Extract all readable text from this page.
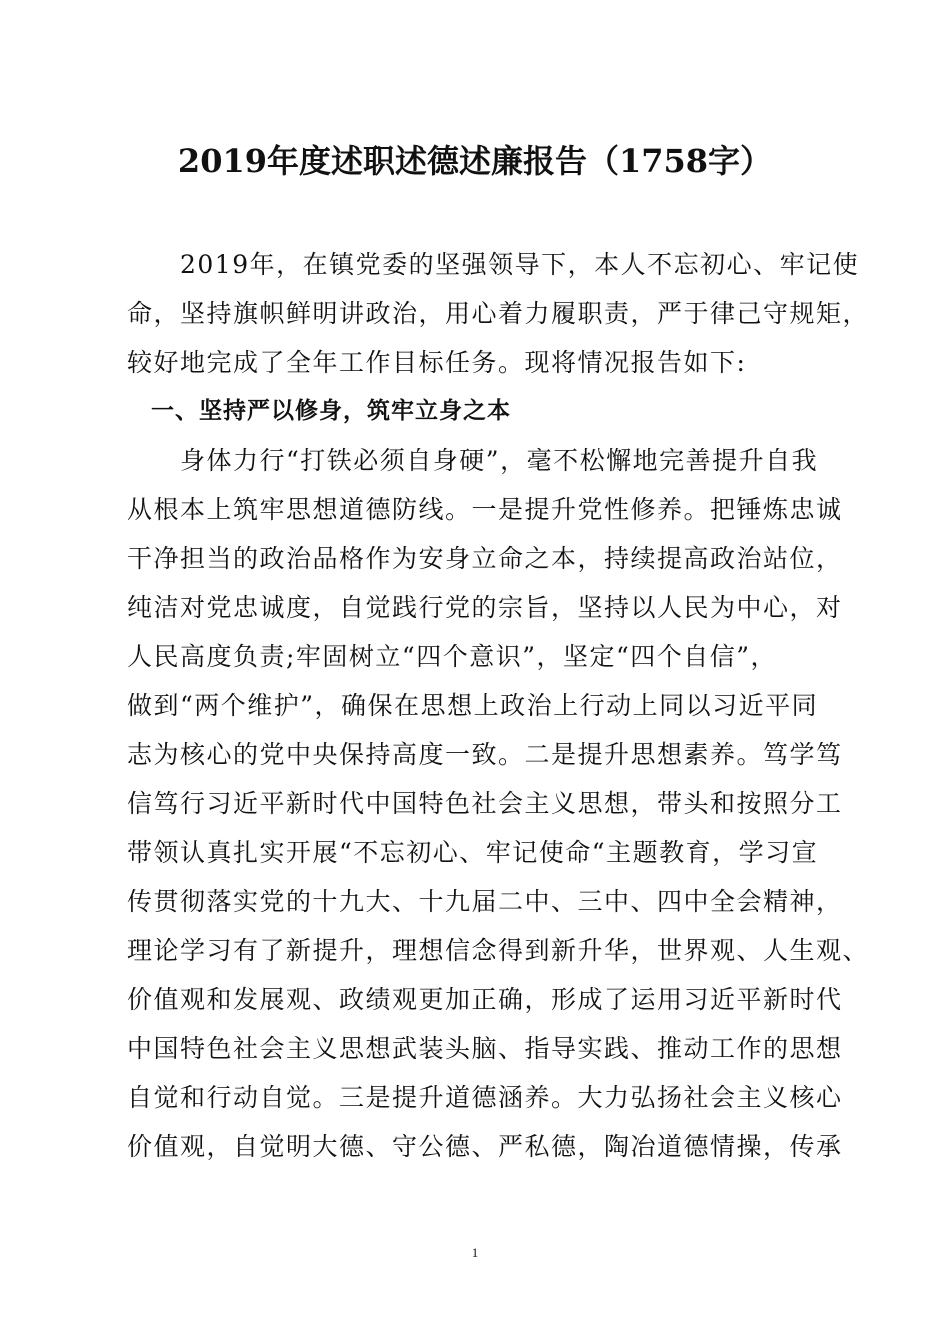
2019年度述职述德述廉报告（1758字）
　　2019年，在镇党委的坚强领导下，本人不忘初心、牢记使
命，坚持旗帜鲜明讲政治，用心着力履职责，严于律己守规矩，
较好地完成了全年工作目标任务。现将情况报告如下:
　一、坚持严以修身，筑牢立身之本
　　身体力行“打铁必须自身硬”，毫不松懈地完善提升自我
从根本上筑牢思想道德防线。一是提升党性修养。把锤炼忠诚
干净担当的政治品格作为安身立命之本，持续提高政治站位，
纯洁对党忠诚度，自觉践行党的宗旨，坚持以人民为中心，对
人民高度负责;牢固树立“四个意识”，坚定“四个自信”，
做到“两个维护”，确保在思想上政治上行动上同以习近平同
志为核心的党中央保持高度一致。二是提升思想素养。笃学笃
信笃行习近平新时代中国特色社会主义思想，带头和按照分工
带领认真扎实开展“不忘初心、牢记使命“主题教育，学习宣
传贯彻落实党的十九大、十九届二中、三中、四中全会精神，
理论学习有了新提升，理想信念得到新升华，世界观、人生观、
价值观和发展观、政绩观更加正确，形成了运用习近平新时代
中国特色社会主义思想武装头脑、指导实践、推动工作的思想
自觉和行动自觉。三是提升道德涵养。大力弘扬社会主义核心
价值观，自觉明大德、守公德、严私德，陶冶道德情操，传承
1
